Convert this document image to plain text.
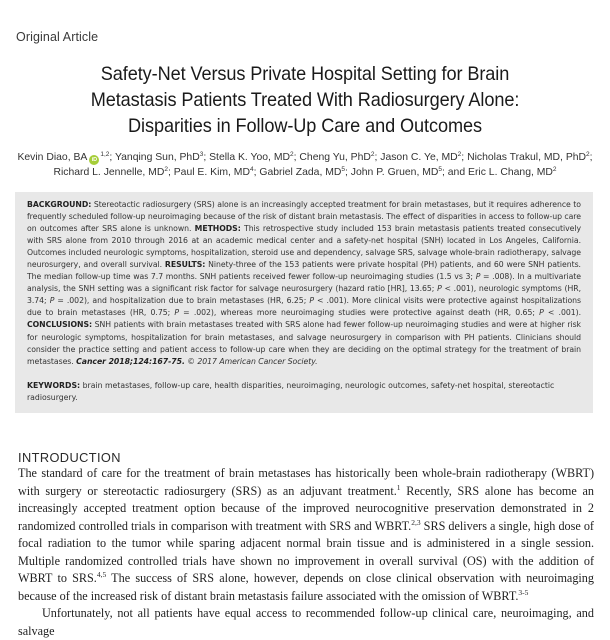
Original Article
Safety-Net Versus Private Hospital Setting for Brain
Metastasis Patients Treated With Radiosurgery Alone:
Disparities in Follow-Up Care and Outcomes
Kevin Diao, BA iD$^{1,2}$; Yanqing Sun, PhD$^3$; Stella K. Yoo, $MD^2$; Cheng Yu, PhD$^2$; Jason C. Ye, $MD^2$; Nicholas Trakul, MD, PhD$^2$;
Richard L. Jennelle, $MD^2$; Paul E. Kim, $MD^4$; Gabriel Zada, $MD^5$; John P. Gruen, $MD^5$; and Eric L. Chang, $MD^2$
BACKGROUND: Stereotactic radiosurgery (SRS) alone is an increasingly accepted treatment for brain metastases, but it requires adherence to frequently scheduled follow-up neuroimaging because of the risk of distant brain metastasis. The effect of disparities in access to follow-up care on outcomes after SRS alone is unknown. METHODS: This retrospective study included 153 brain metastasis patients treated consecutively with SRS alone from 2010 through 2016 at an academic medical center and a safety-net hospital (SNH) located in Los Angeles, California. Outcomes included neurologic symptoms, hospitalization, steroid use and dependency, salvage SRS, salvage whole-brain radiotherapy, salvage neurosurgery, and overall survival. RESULTS: Ninety-three of the 153 patients were private hospital (PH) patients, and 60 were SNH patients. The median follow-up time was 7.7 months. SNH patients received fewer follow-up neuroimaging studies (1.5 vs 3; P = .008). In a multivariate analysis, the SNH setting was a significant risk factor for salvage neurosurgery (hazard ratio [HR], 13.65; P < .001), neurologic symptoms (HR, 3.74; P = .002), and hospitalization due to brain metastases (HR, 6.25; P < .001). More clinical visits were protective against hospitalizations due to brain metastases (HR, 0.75; P = .002), whereas more neuroimaging studies were protective against death (HR, 0.65; P < .001). CONCLUSIONS: SNH patients with brain metastases treated with SRS alone had fewer follow-up neuroimaging studies and were at higher risk for neurologic symptoms, hospitalization for brain metastases, and salvage neurosurgery in comparison with PH patients. Clinicians should consider the practice setting and patient access to follow-up care when they are deciding on the optimal strategy for the treatment of brain metastases. Cancer 2018;124:167-75. © 2017 American Cancer Society.
KEYWORDS: brain metastases, follow-up care, health disparities, neuroimaging, neurologic outcomes, safety-net hospital, stereotactic radiosurgery.
INTRODUCTION

The standard of care for the treatment of brain metastases has historically been whole-brain radiotherapy (WBRT) with surgery or stereotactic radiosurgery (SRS) as an adjuvant treatment.$^1$ Recently, SRS alone has become an increasingly accepted treatment option because of the improved neurocognitive preservation demonstrated in 2 randomized controlled trials in comparison with treatment with SRS and WBRT.$^{2,3}$ SRS delivers a single, high dose of focal radiation to the tumor while sparing adjacent normal brain tissue and is administered in a single session. Multiple randomized controlled trials have shown no improvement in overall survival (OS) with the addition of WBRT to SRS.$^{4,5}$ The success of SRS alone, however, depends on close clinical observation with neuroimaging because of the increased risk of distant brain metastasis failure associated with the omission of WBRT.$^{3-5}$

Unfortunately, not all patients have equal access to recommended follow-up clinical care, neuroimaging, and salvage
